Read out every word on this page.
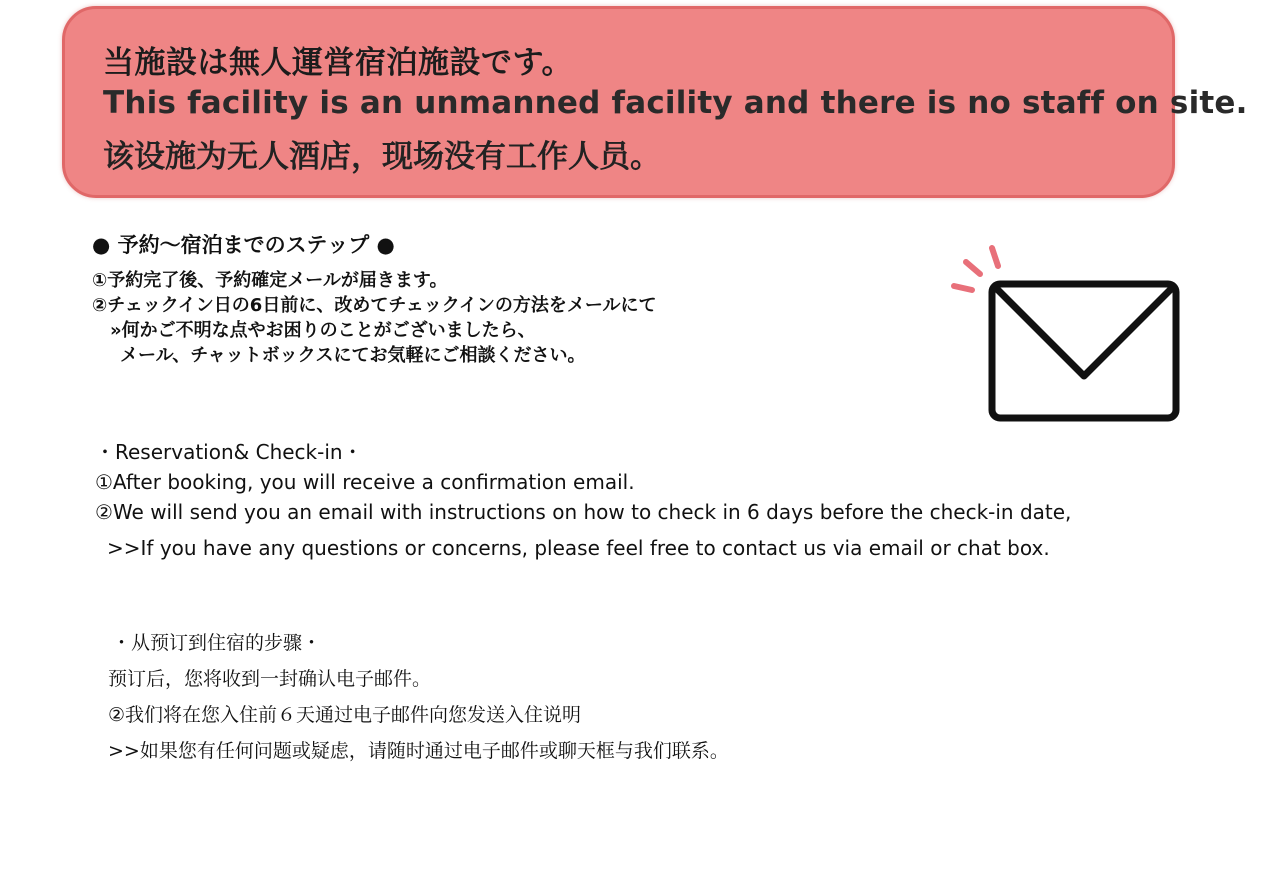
当施設は無人運営宿泊施設です。
This facility is an unmanned facility and there is no staff on site.
该设施为无人酒店，现场没有工作人员。
● 予約～宿泊までのステップ ●
①予約完了後、予約確定メールが届きます。
②チェックイン日の6日前に、改めてチェックインの方法をメールにて
»何かご不明な点やお困りのことがございましたら、
メール、チャットボックスにてお気軽にご相談ください。
・Reservation& Check-in・
①After booking, you will receive a confirmation email.
②We will send you an email with instructions on how to check in 6 days before the check-in date,
>>If you have any questions or concerns, please feel free to contact us via email or chat box.
・从预订到住宿的步骤・
预订后，您将收到一封确认电子邮件。
②我们将在您入住前６天通过电子邮件向您发送入住说明
>>如果您有任何问题或疑虑，请随时通过电子邮件或聊天框与我们联系。
